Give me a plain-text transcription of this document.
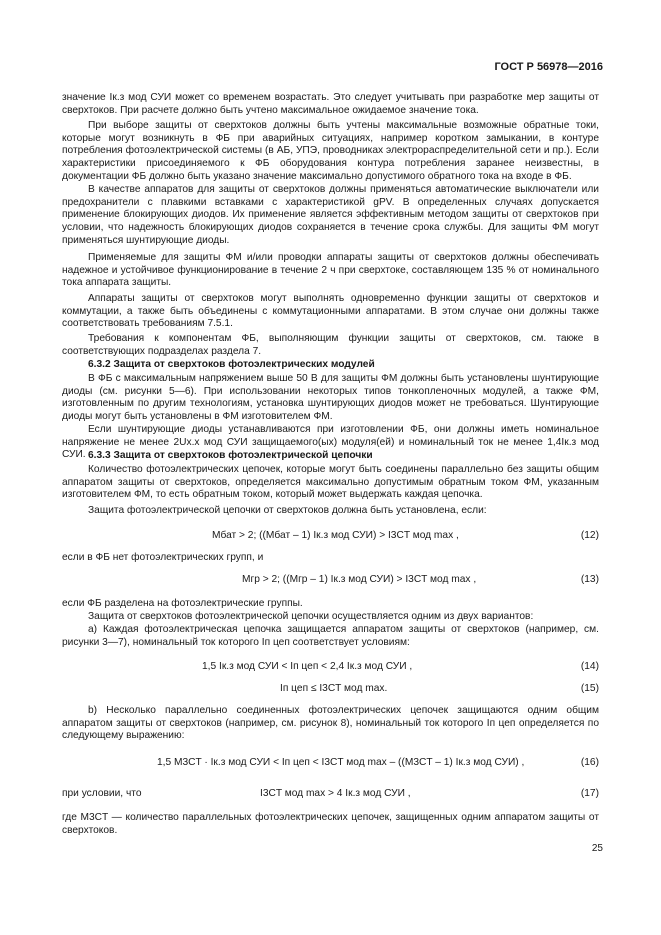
ГОСТ Р 56978—2016

значение Iк.з мод СУИ может со временем возрастать. Это следует учитывать при разработке мер защиты от сверхтоков. При расчете должно быть учтено максимальное ожидаемое значение тока.

При выборе защиты от сверхтоков должны быть учтены максимальные возможные обратные токи, которые могут возникнуть в ФБ при аварийных ситуациях, например коротком замыкании, в контуре потребления фотоэлектрической системы (в АБ, УПЭ, проводниках электрораспределительной сети и пр.). Если характеристики присоединяемого к ФБ оборудования контура потребления заранее неизвестны, в документации ФБ должно быть указано значение максимально допустимого обратного тока на входе в ФБ.

В качестве аппаратов для защиты от сверхтоков должны применяться автоматические выключатели или предохранители с плавкими вставками с характеристикой gPV. В определенных случаях допускается применение блокирующих диодов. Их применение является эффективным методом защиты от сверхтоков при условии, что надежность блокирующих диодов сохраняется в течение срока службы. Для защиты ФМ могут применяться шунтирующие диоды.

Применяемые для защиты ФМ и/или проводки аппараты защиты от сверхтоков должны обеспечивать надежное и устойчивое функционирование в течение 2 ч при сверхтоке, составляющем 135 % от номинального тока аппарата защиты.

Аппараты защиты от сверхтоков могут выполнять одновременно функции защиты от сверхтоков и коммутации, а также быть объединены с коммутационными аппаратами. В этом случае они должны также соответствовать требованиям 7.5.1.

Требования к компонентам ФБ, выполняющим функции защиты от сверхтоков, см. также в соответствующих подразделах раздела 7.

6.3.2 Защита от сверхтоков фотоэлектрических модулей

В ФБ с максимальным напряжением выше 50 В для защиты ФМ должны быть установлены шунтирующие диоды (см. рисунки 5—6). При использовании некоторых типов тонкопленочных модулей, а также ФМ, изготовленным по другим технологиям, установка шунтирующих диодов может не требоваться. Шунтирующие диоды могут быть установлены в ФМ изготовителем ФМ.

Если шунтирующие диоды устанавливаются при изготовлении ФБ, они должны иметь номинальное напряжение не менее 2Uх.х мод СУИ защищаемого(ых) модуля(ей) и номинальный ток не менее 1,4Iк.з мод СУИ. 6.3.3 Защита от сверхтоков фотоэлектрической цепочки

Количество фотоэлектрических цепочек, которые могут быть соединены параллельно без защиты общим аппаратом защиты от сверхтоков, определяется максимально допустимым обратным током ФМ, указанным изготовителем ФМ, то есть обратным током, который может выдержать каждая цепочка.

Защита фотоэлектрической цепочки от сверхтоков должна быть установлена, если:

Mбат > 2; ((Mбат – 1) Iк.з мод СУИ) > I3CT мод max ,	(12)

если в ФБ нет фотоэлектрических групп, и

Mгр > 2; ((Mгр – 1) Iк.з мод СУИ) > I3CT мод max ,	(13)

если ФБ разделена на фотоэлектрические группы.

Защита от сверхтоков фотоэлектрической цепочки осуществляется одним из двух вариантов:

a) Каждая фотоэлектрическая цепочка защищается аппаратом защиты от сверхтоков (например, см. рисунки 3—7), номинальный ток которого Iп цеп соответствует условиям:

1,5 Iк.з мод СУИ < Iп цеп < 2,4 Iк.з мод СУИ ,	(14)
Iп цеп ≤ I3CT мод max.	(15)

b) Несколько параллельно соединенных фотоэлектрических цепочек защищаются одним общим аппаратом защиты от сверхтоков (например, см. рисунок 8), номинальный ток которого Iп цеп определяется по следующему выражению:

1,5 M3CT · Iк.з мод СУИ < Iп цеп < I3CT мод max – ((M3CT – 1) Iк.з мод СУИ) ,	(16)

при условии, что	I3CT мод max > 4 Iк.з мод СУИ ,	(17)

где M3CT — количество параллельных фотоэлектрических цепочек, защищенных одним аппаратом защиты от сверхтоков.

25
